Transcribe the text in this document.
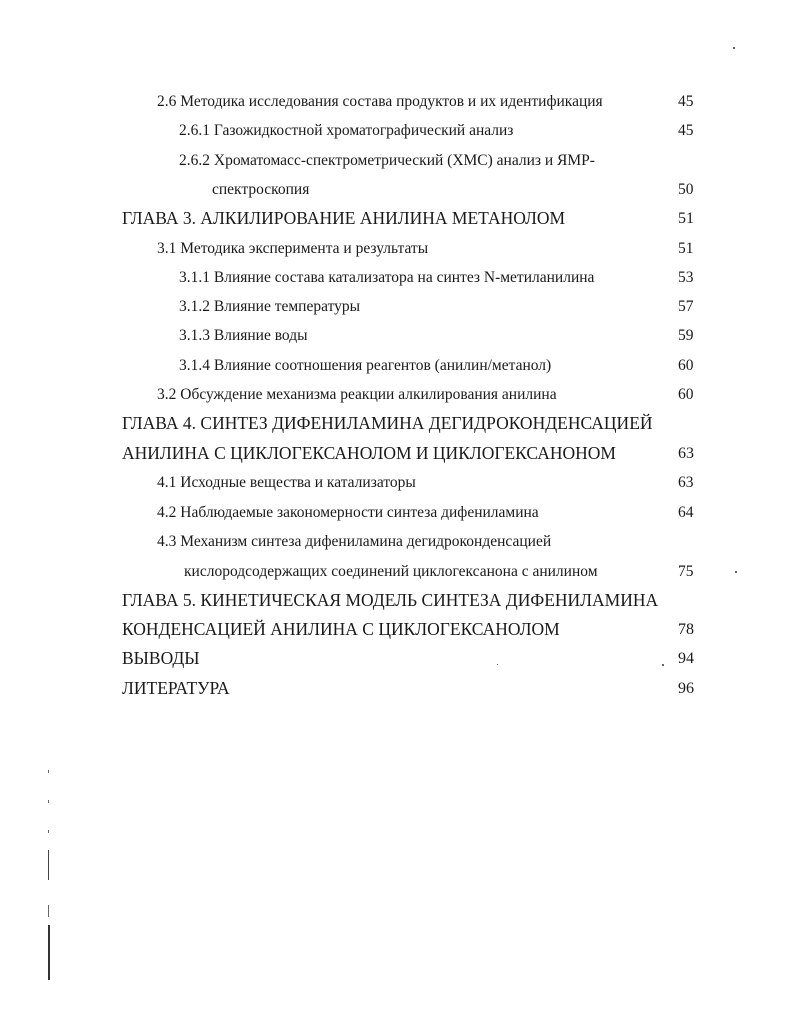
2.6 Методика исследования состава продуктов и их идентификация	45
2.6.1 Газожидкостной хроматографический анализ	45
2.6.2 Хроматомасс-спектрометрический (ХМС) анализ и ЯМР-
спектроскопия	50
ГЛАВА 3. АЛКИЛИРОВАНИЕ АНИЛИНА МЕТАНОЛОМ	51
3.1 Методика эксперимента и результаты	51
3.1.1 Влияние состава катализатора на синтез N-метиланилина	53
3.1.2 Влияние температуры	57
3.1.3 Влияние воды	59
3.1.4 Влияние соотношения реагентов (анилин/метанол)	60
3.2 Обсуждение механизма реакции алкилирования анилина	60
ГЛАВА 4. СИНТЕЗ ДИФЕНИЛАМИНА ДЕГИДРОКОНДЕНСАЦИЕЙ
АНИЛИНА С ЦИКЛОГЕКСАНОЛОМ И ЦИКЛОГЕКСАНОНОМ	63
4.1 Исходные вещества и катализаторы	63
4.2 Наблюдаемые закономерности синтеза дифениламина	64
4.3 Механизм синтеза дифениламина дегидроконденсацией
кислородсодержащих соединений циклогексанона с анилином	75
ГЛАВА 5. КИНЕТИЧЕСКАЯ МОДЕЛЬ СИНТЕЗА ДИФЕНИЛАМИНА
КОНДЕНСАЦИЕЙ АНИЛИНА С ЦИКЛОГЕКСАНОЛОМ	78
ВЫВОДЫ	94
ЛИТЕРАТУРА	96
